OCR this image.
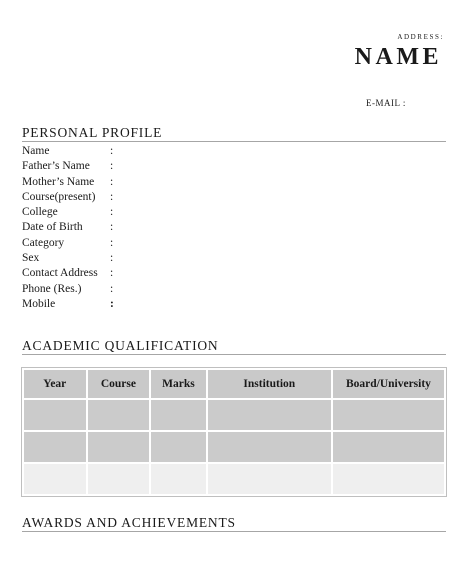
ADDRESS:
NAME
E-MAIL :
PERSONAL PROFILE
Name	:
Father’s Name :
Mother’s Name :
Course(present) :
College	:
Date of Birth :
Category	:
Sex	:
Contact Address :
Phone (Res.) :
Mobile	:
ACADEMIC QUALIFICATION
Year	Course	Marks	Institution	Board/University

AWARDS AND ACHIEVEMENTS
